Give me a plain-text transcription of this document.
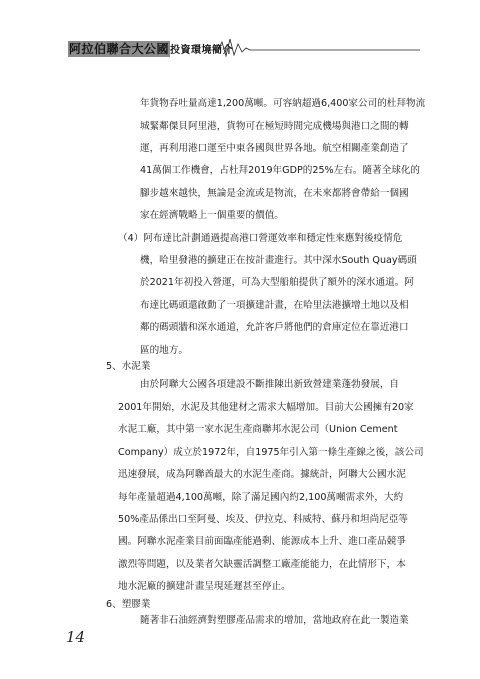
阿拉伯聯合大公國投資環境簡介
年貨物吞吐量高達1,200萬噸。可容納超過6,400家公司的杜拜物流
城緊鄰傑貝阿里港，貨物可在極短時間完成機場與港口之間的轉
運，再利用港口運至中東各國與世界各地。航空相關產業創造了
41萬個工作機會，占杜拜2019年GDP的25%左右。隨著全球化的
腳步越來越快，無論是金流或是物流，在未來都將會帶給一個國
家在經濟戰略上一個重要的價值。
（4）阿布達比計劃通過提高港口營運效率和穩定性來應對後疫情危
機，哈里發港的擴建正在按計畫進行。其中深水South Quay碼頭
於2021年初投入營運，可為大型船舶提供了額外的深水通道。阿
布達比碼頭還啟動了一項擴建計畫，在哈里法港擴增土地以及相
鄰的碼頭牆和深水通道，允許客戶將他們的倉庫定位在靠近港口
區的地方。
5、水泥業
由於阿聯大公國各項建設不斷推陳出新致營建業蓬勃發展，自
2001年開始，水泥及其他建材之需求大幅增加。目前大公國擁有20家
水泥工廠，其中第一家水泥生產商聯邦水泥公司（Union Cement
Company）成立於1972年，自1975年引入第一條生產線之後，該公司
迅速發展，成為阿聯酋最大的水泥生產商。據統計，阿聯大公國水泥
每年產量超過4,100萬噸，除了滿足國內約2,100萬噸需求外，大約
50%產品係出口至阿曼、埃及、伊拉克、科威特、蘇丹和坦尚尼亞等
國。阿聯水泥產業目前面臨產能過剩、能源成本上升、進口產品競爭
激烈等問題，以及業者欠缺靈活調整工廠產能能力，在此情形下，本
地水泥廠的擴建計畫呈現延遲甚至停止。
6、塑膠業
隨著非石油經濟對塑膠產品需求的增加，當地政府在此一製造業
14
